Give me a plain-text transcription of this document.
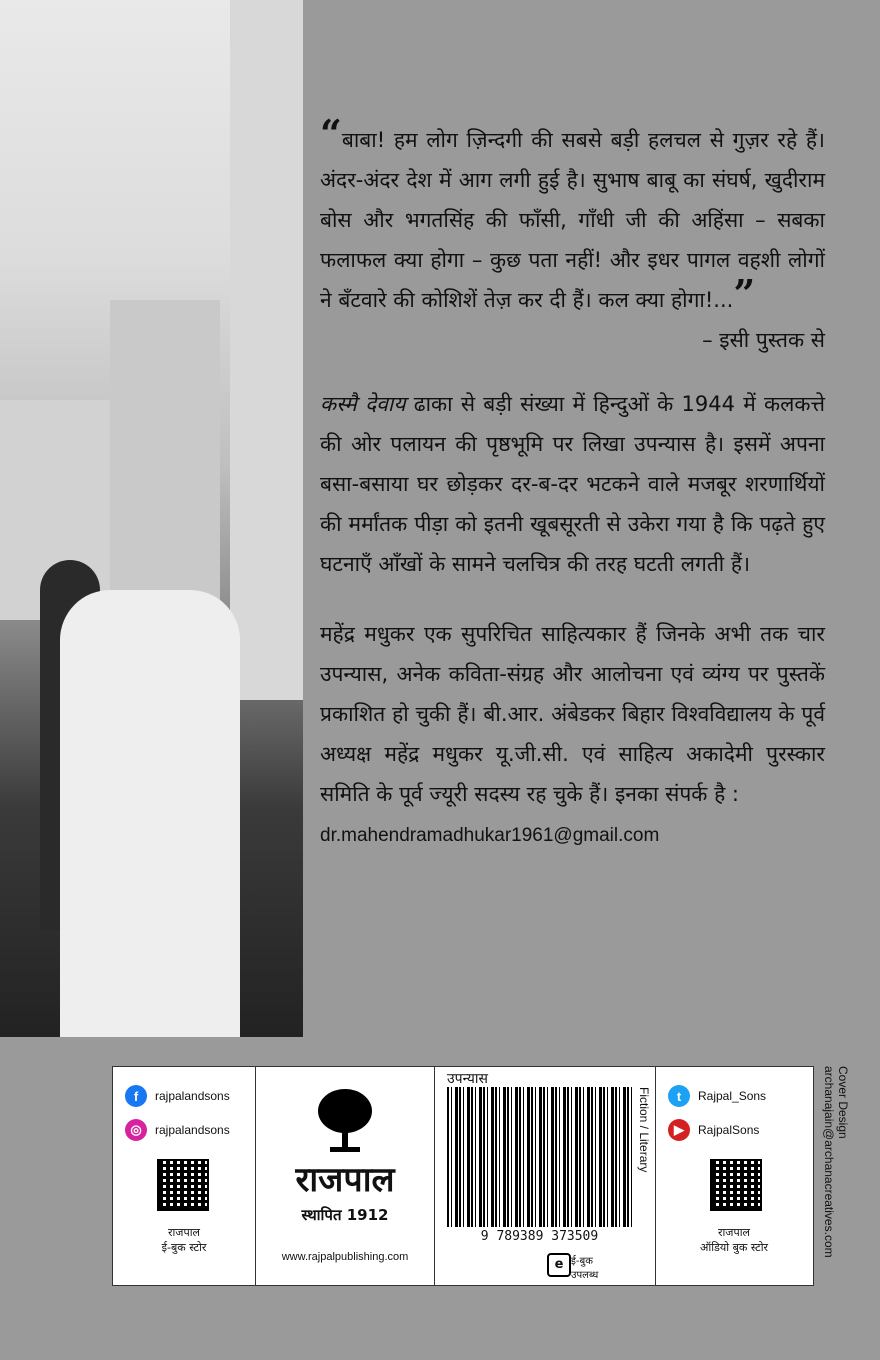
“बाबा! हम लोग ज़िन्दगी की सबसे बड़ी हलचल से गुज़र रहे हैं। अंदर-अंदर देश में आग लगी हुई है। सुभाष बाबू का संघर्ष, खुदीराम बोस और भगतसिंह की फाँसी, गाँधी जी की अहिंसा – सबका फलाफल क्या होगा – कुछ पता नहीं! और इधर पागल वहशी लोगों ने बँटवारे की कोशिशें तेज़ कर दी हैं। कल क्या होगा!...”
– इसी पुस्तक से
कस्मै देवाय ढाका से बड़ी संख्या में हिन्दुओं के 1944 में कलकत्ते की ओर पलायन की पृष्ठभूमि पर लिखा उपन्यास है। इसमें अपना बसा-बसाया घर छोड़कर दर-ब-दर भटकने वाले मजबूर शरणार्थियों की मर्मांतक पीड़ा को इतनी खूबसूरती से उकेरा गया है कि पढ़ते हुए घटनाएँ आँखों के सामने चलचित्र की तरह घटती लगती हैं।
महेंद्र मधुकर एक सुपरिचित साहित्यकार हैं जिनके अभी तक चार उपन्यास, अनेक कविता-संग्रह और आलोचना एवं व्यंग्य पर पुस्तकें प्रकाशित हो चुकी हैं। बी.आर. अंबेडकर बिहार विश्वविद्यालय के पूर्व अध्यक्ष महेंद्र मधुकर यू.जी.सी. एवं साहित्य अकादेमी पुरस्कार समिति के पूर्व ज्यूरी सदस्य रह चुके हैं। इनका संपर्क है :
dr.mahendramadhukar1961@gmail.com
Cover Design
archanajain@archanacreatives.com
f	rajpalandsons
◎	rajpalandsons
राजपाल
ई-बुक स्टोर
राजपाल
स्थापित 1912
www.rajpalpublishing.com
उपन्यास
9 789389 373509
Fiction / Literary
e ई-बुक
उपलब्ध
t	Rajpal_Sons
▶	RajpalSons
राजपाल
ऑडियो बुक स्टोर
